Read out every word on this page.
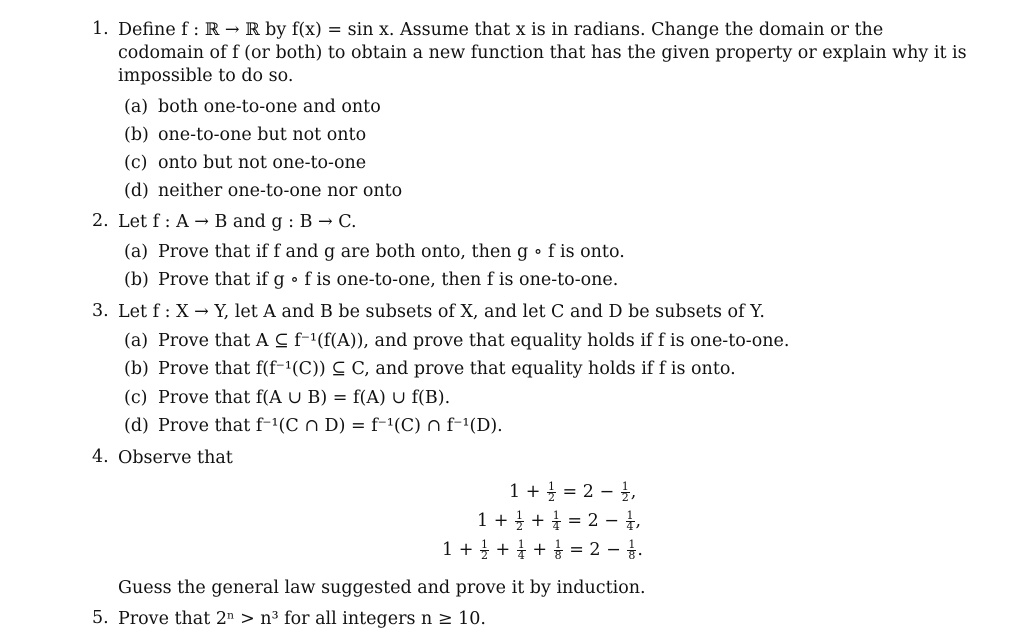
1. Define f : ℝ → ℝ by f(x) = sin x. Assume that x is in radians. Change the domain or the codomain of f (or both) to obtain a new function that has the given property or explain why it is impossible to do so.
(a) both one-to-one and onto
(b) one-to-one but not onto
(c) onto but not one-to-one
(d) neither one-to-one nor onto
2. Let f : A → B and g : B → C.
(a) Prove that if f and g are both onto, then g ∘ f is onto.
(b) Prove that if g ∘ f is one-to-one, then f is one-to-one.
3. Let f : X → Y, let A and B be subsets of X, and let C and D be subsets of Y.
(a) Prove that A ⊆ f⁻¹(f(A)), and prove that equality holds if f is one-to-one.
(b) Prove that f(f⁻¹(C)) ⊆ C, and prove that equality holds if f is onto.
(c) Prove that f(A ∪ B) = f(A) ∪ f(B).
(d) Prove that f⁻¹(C ∩ D) = f⁻¹(C) ∩ f⁻¹(D).
4. Observe that
$1 + \frac{1}{2} = 2 - \frac{1}{2}$ ,
$1 + \frac{1}{2} + \frac{1}{4} = 2 - \frac{1}{4}$ ,
$1 + \frac{1}{2} + \frac{1}{4} + \frac{1}{8} = 2 - \frac{1}{8}$ .
Guess the general law suggested and prove it by induction.
5. Prove that 2ⁿ > n³ for all integers n ≥ 10.
